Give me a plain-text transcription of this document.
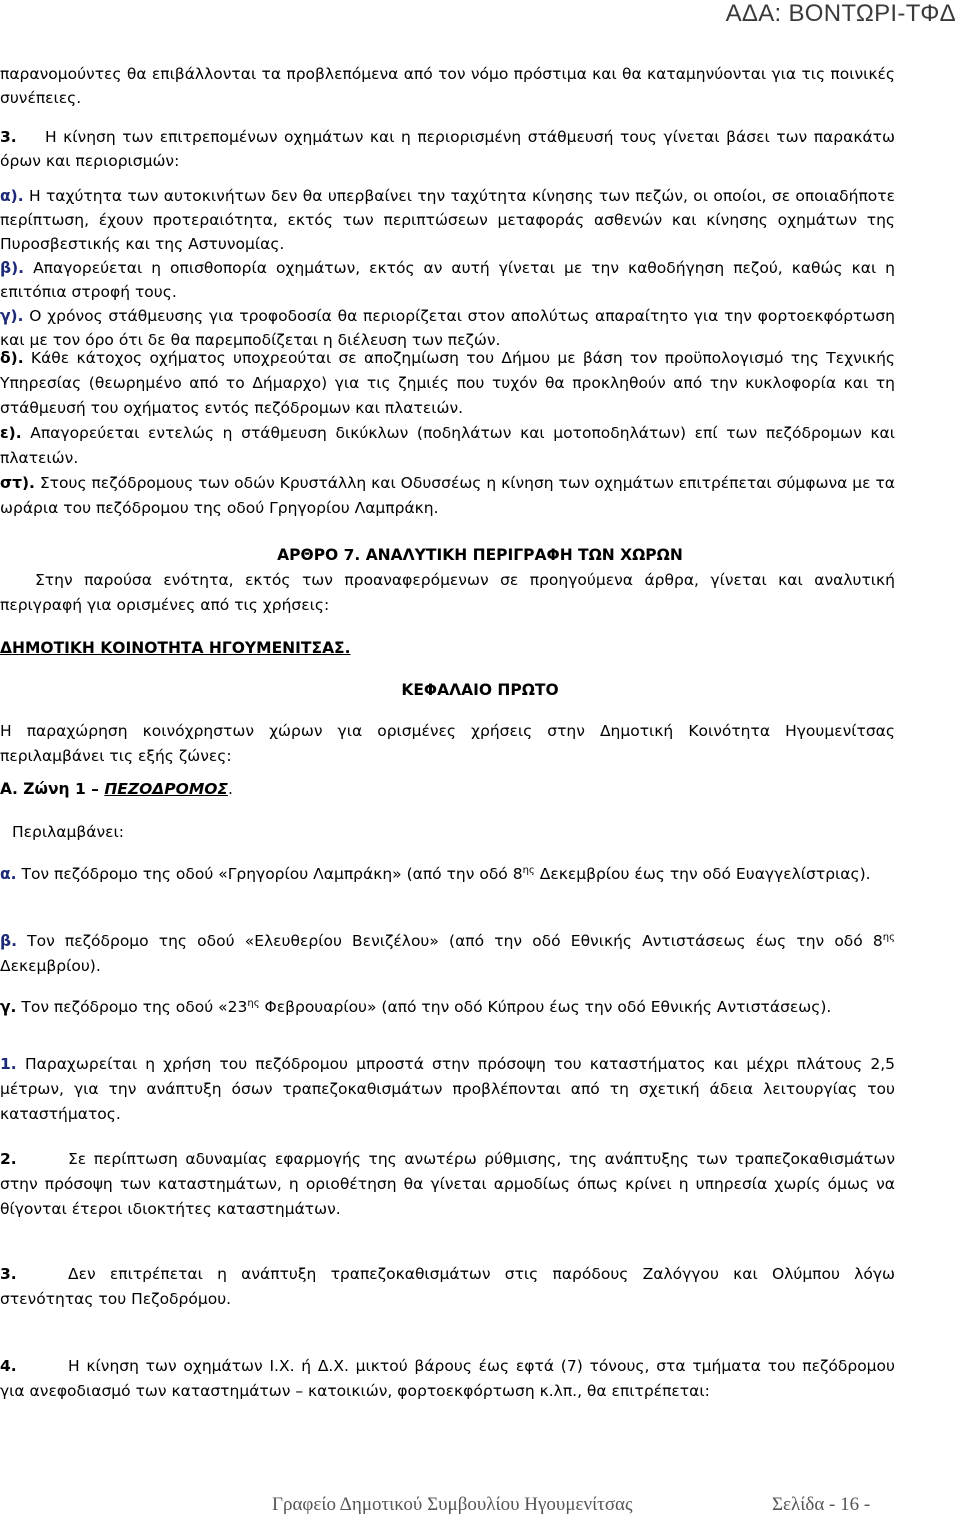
ΑΔΑ: ΒΟΝΤΩΡΙ-ΤΦΔ
παρανομούντες θα επιβάλλονται τα προβλεπόμενα από τον νόμο πρόστιμα και θα καταμηνύονται για τις ποινικές συνέπειες.
3. Η κίνηση των επιτρεπομένων οχημάτων και η περιορισμένη στάθμευσή τους γίνεται βάσει των παρακάτω όρων και περιορισμών:
α). Η ταχύτητα των αυτοκινήτων δεν θα υπερβαίνει την ταχύτητα κίνησης των πεζών, οι οποίοι, σε οποιαδήποτε περίπτωση, έχουν προτεραιότητα, εκτός των περιπτώσεων μεταφοράς ασθενών και κίνησης οχημάτων της Πυροσβεστικής και της Αστυνομίας.
β). Απαγορεύεται η οπισθοπορία οχημάτων, εκτός αν αυτή γίνεται με την καθοδήγηση πεζού, καθώς και η επιτόπια στροφή τους.
γ). Ο χρόνος στάθμευσης για τροφοδοσία θα περιορίζεται στον απολύτως απαραίτητο για την φορτοεκφόρτωση και με τον όρο ότι δε θα παρεμποδίζεται η διέλευση των πεζών.
δ). Κάθε κάτοχος οχήματος υποχρεούται σε αποζημίωση του Δήμου με βάση τον προϋπολογισμό της Τεχνικής Υπηρεσίας (θεωρημένο από το Δήμαρχο) για τις ζημιές που τυχόν θα προκληθούν από την κυκλοφορία και τη στάθμευσή του οχήματος εντός πεζόδρομων και πλατειών.
ε). Απαγορεύεται εντελώς η στάθμευση δικύκλων (ποδηλάτων και μοτοποδηλάτων) επί των πεζόδρομων και πλατειών.
στ). Στους πεζόδρομους των οδών Κρυστάλλη και Οδυσσέως η κίνηση των οχημάτων επιτρέπεται σύμφωνα με τα ωράρια του πεζόδρομου της οδού Γρηγορίου Λαμπράκη.
ΑΡΘΡΟ 7. ΑΝΑΛΥΤΙΚΗ ΠΕΡΙΓΡΑΦΗ ΤΩΝ ΧΩΡΩΝ
Στην παρούσα ενότητα, εκτός των προαναφερόμενων σε προηγούμενα άρθρα, γίνεται και αναλυτική περιγραφή για ορισμένες από τις χρήσεις:
ΔΗΜΟΤΙΚΗ ΚΟΙΝΟΤΗΤΑ ΗΓΟΥΜΕΝΙΤΣΑΣ.
ΚΕΦΑΛΑΙΟ ΠΡΩΤΟ
Η παραχώρηση κοινόχρηστων χώρων για ορισμένες χρήσεις στην Δημοτική Κοινότητα Ηγουμενίτσας περιλαμβάνει τις εξής ζώνες:
Α. Ζώνη 1 – ΠΕΖΟΔΡΟΜΟΣ.
Περιλαμβάνει:
α. Τον πεζόδρομο της οδού «Γρηγορίου Λαμπράκη» (από την οδό $8^{\eta\varsigma}$ Δεκεμβρίου έως την οδό Ευαγγελίστριας).
β. Τον πεζόδρομο της οδού «Ελευθερίου Βενιζέλου» (από την οδό Εθνικής Αντιστάσεως έως την οδό $8^{\eta\varsigma}$ Δεκεμβρίου).
γ. Τον πεζόδρομο της οδού «$23^{\eta\varsigma}$ Φεβρουαρίου» (από την οδό Κύπρου έως την οδό Εθνικής Αντιστάσεως).
1. Παραχωρείται η χρήση του πεζόδρομου μπροστά στην πρόσοψη του καταστήματος και μέχρι πλάτους 2,5 μέτρων, για την ανάπτυξη όσων τραπεζοκαθισμάτων προβλέπονται από τη σχετική άδεια λειτουργίας του καταστήματος.
2.	Σε περίπτωση αδυναμίας εφαρμογής της ανωτέρω ρύθμισης, της ανάπτυξης των τραπεζοκαθισμάτων στην πρόσοψη των καταστημάτων, η οριοθέτηση θα γίνεται αρμοδίως όπως κρίνει η υπηρεσία χωρίς όμως να θίγονται έτεροι ιδιοκτήτες καταστημάτων.
3.	Δεν επιτρέπεται η ανάπτυξη τραπεζοκαθισμάτων στις παρόδους Ζαλόγγου και Ολύμπου λόγω στενότητας του Πεζοδρόμου.
4.	Η κίνηση των οχημάτων Ι.Χ. ή Δ.Χ. μικτού βάρους έως εφτά (7) τόνους, στα τμήματα του πεζόδρομου για ανεφοδιασμό των καταστημάτων – κατοικιών, φορτοεκφόρτωση κ.λπ., θα επιτρέπεται:
Γραφείο Δημοτικού Συμβουλίου Ηγουμενίτσας	Σελίδα - 16 -
